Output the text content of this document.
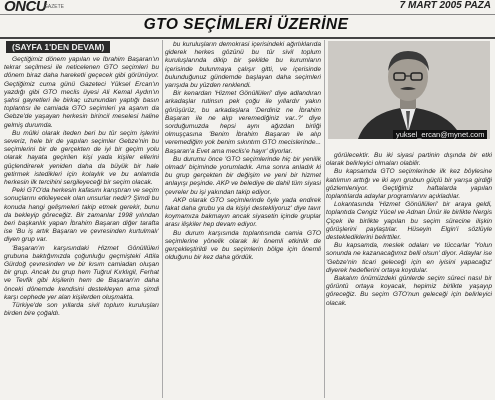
ONCU
GAZETE	7 MART 2005 PAZA
GTO SEÇİMLERİ ÜZERİNE
(SAYFA 1'DEN DEVAM)

Geçtiğimiz dönem yapılan ve İbrahim Başaran'ın tekrar seçilmesi ile neticelenen GTO seçimleri bu dönem biraz daha hareketli geçecek gibi görünüyor. Geçtiğimiz cuma günü Gazeteci Yüksel Ercan'ın yazdığı gibi GTO meclis üyesi Ali Kemal Aydın'ın şahsi gayretleri ile birkaç uzunundan yaptığı basın toplantısı ile camiada GTO seçimleri ya aşanın da Gebze'de yaşayan herkesin birincil meselesi haline gelmiş durumda.

Bu mülki olarak iteden beri bu tür seçim işlerini severiz, hele bir de yapılan seçimler Gebze'nin bu seçimlerini bir de gerçekten de iyi bir geçim yolu olarak hayata geçirilen kişi yada kişiler ellerini güçlendirerek yeniden daha da büyük bir hale getirmek istedikleri için kolaylık ve bu anlamda herkesin ilk tercihini sergileyeceği bir seçim olacak.

Peki GTO'da herkesin kafasını karıştıran ve seçim sonuçlarını etkileyecek olan unsurlar nedir? Şimdi bu konuda hangi gelişmeleri takip etmek gerekir, bunu da bekleyip göreceğiz. Bir zamanlar 1998 yılından beri başkanlık yapan İbrahim Başaran diğer tarafta ise 'Bu iş artık Başaran ve çevresinden kurtulmalı' diyen grup var.

'Başaran'ın karşısındaki Hizmet Gönüllüleri grubuna baktığımızda çoğunluğu geçmişteki Attila Gürdoğ çevresinden ve bir kısım camiadan oluşan bir grup. Ancak bu grup hem Tuğrul Kırklıgil, Ferhat ve Tevfik gibi kişilerin hem de Başaran'ın daha önceki dönemde kendisini destekleyen ama şimdi karşı cephede yer alan kişilerden oluşmakta.

Türkiye'de son yıllarda sivil toplum kuruluşları birden bire çoğaldı.

bu kuruluşların demokrasi içerisindeki ağırlıklarıda giderek herkes gözünü bu tür sivil toplum kuruluşlarında dikip bir şekilde bu kurumların içerisinde bulunmaya çalışır gitti, ve içerisinde bulunduğunuz gündemde başlayan daha seçimleri yarışıda bu yüzden renklendi.

Bir kenardan 'Hizmet Gönüllüleri' diye adlandıran arkadaşlar rutinsın pek çoğu ile yıllardır yakın görüşürüz, bu arkadaşlara 'Derdiniz ne İbrahim Başaran ile ne alıp veremediğiniz var..?' diye sorduğumuzda hepsi aynı ağızdan birliği olmuşçasına 'Benim İbrahim Başaran ile alıp veremediğim yok benim sıkıntım GTO mecislerinde... Başaran'a Evet ama meclis'e hayır' diyorlar.

Bu durumu önce 'GTO seçimlerinde hiç bir yenilik olmadı' biçiminde yorumladık. Ama sonra anladık ki bu grup gerçekten bir değişim ve yeni bir hizmet anlayışı peşinde. AKP ve belediye de dahil tüm siyasi çevreler bu işi yakından takip ediyor.

AKP olarak GTO seçimlerinde öyle yada endirek fakat daha grubu ya da kişiyi destekliyoruz' diye tavır koymamıza bakmayın ancak siyasetin içinde gruplar arası ilişkiler hep devam ediyor.

Bu durum karşısında toplantısında camia GTO seçimlerine yönelik olarak iki önemli etkinlik de gerçekleştirildi ve bu seçimlerin bölge için önemli olduğunu bir kez daha gördük.

yuksel_ercan@mynet.com

görülecektir. Bu iki siyasi partinin dışında bir etki olarak belirleyici olmaları olabilir.

Bu kapsamda GTO seçimlerinde ilk kez böylesine katılımın arttığı ve iki ayrı grubun güçlü bir yarışa girdiği gözlemleniyor. Geçtiğimiz haftalarda yapılan toplantılarda adaylar programlarını açıkladılar.

Lokantasında 'Hizmet Gönüllüleri' bir araya geldi, toplantıda Cengiz Yücel ve Adnan Ünür ile birlikte Nergis Çiçek ile birlikte yapılan bu seçim sürecine ilişkin görüşlerini paylaştılar. Hüseyin Elgin'i sözlüyle desteklediklerini belirttiler.

Bu kapsamda, meslek odaları ve tüccarlar 'Yolun sonunda ne kazanacağımız belli olsun' diyor. Adaylar ise 'Gebze'nin ticari geleceği için en iyisini yapacağız' diyerek hedeflerini ortaya koydular.

Bakalım önümüzdeki günlerde seçim süreci nasıl bir görüntü ortaya koyacak, hepimiz birlikte yaşayıp göreceğiz. Bu seçim GTO'nun geleceği için belirleyici olacak.
